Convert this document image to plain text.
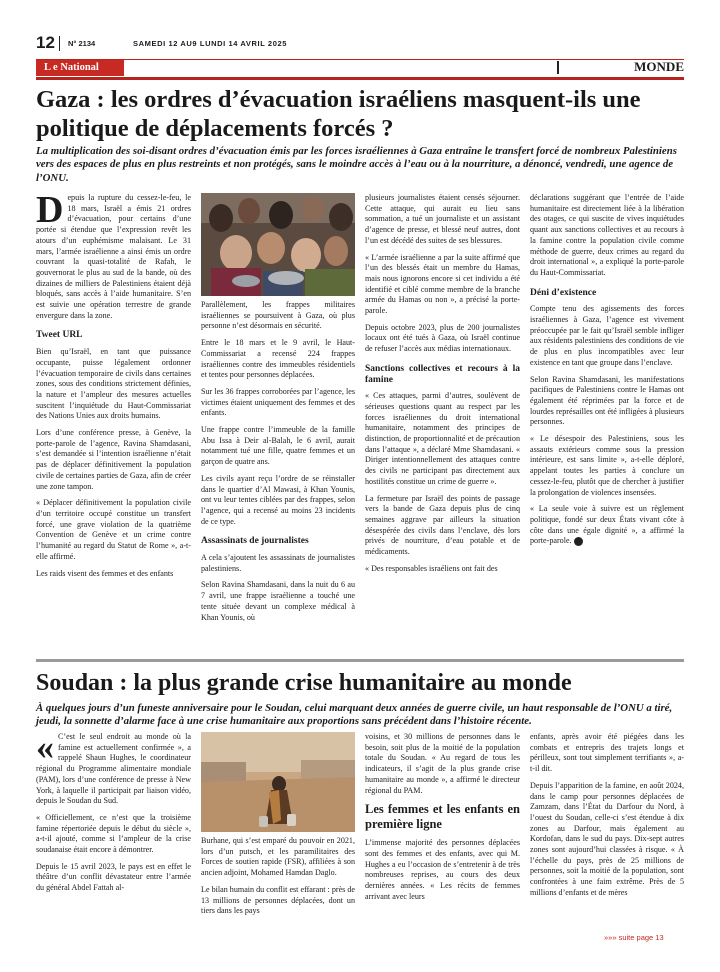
12 N° 2134	SAMEDI 12 AU9 LUNDI 14 AVRIL 2025
L e National	MONDE
Gaza : les ordres d’évacuation israéliens masquent-ils une politique de déplacements forcés ?
La multiplication des soi-disant ordres d’évacuation émis par les forces israéliennes à Gaza entraîne le transfert forcé de nombreux Palestiniens vers des espaces de plus en plus restreints et non protégés, sans le moindre accès à l’eau ou à la nourriture, a dénoncé, vendredi, une agence de l’ONU.
D epuis la rupture du cessez-le-feu, le 18 mars, Israël a émis 21 ordres d’évacuation, pour certains d’une portée si étendue que l’expression revêt les atours d’un euphémisme malaisant. Le 31 mars, l’armée israélienne a ainsi émis un ordre couvrant la quasi-totalité de Rafah, le gouvernorat le plus au sud de la bande, où des dizaines de milliers de Palestiniens étaient déjà bloqués, sans accès à l’aide humanitaire. S’en est suivie une opération terrestre de grande envergure dans la zone.

Tweet URL

Bien qu’Israël, en tant que puissance occupante, puisse légalement ordonner l’évacuation temporaire de civils dans certaines zones, sous des conditions strictement définies, la nature et l’ampleur des mesures actuelles suscitent l’inquiétude du Haut-Commissariat des Nations Unies aux droits humains.

Lors d’une conférence presse, à Genève, la porte-parole de l’agence, Ravina Shamdasani, s’est demandée si l’intention israélienne n’était pas de déplacer définitivement la population civile de certaines parties de Gaza, afin de créer une zone tampon.

« Déplacer définitivement la population civile d’un territoire occupé constitue un transfert forcé, une grave violation de la quatrième Convention de Genève et un crime contre l’humanité au regard du Statut de Rome », a-t-elle affirmé.

Les raids visent des femmes et des enfants

Parallèlement, les frappes militaires israéliennes se poursuivent à Gaza, où plus personne n’est désormais en sécurité.

Entre le 18 mars et le 9 avril, le Haut-Commissariat a recensé 224 frappes israéliennes contre des immeubles résidentiels et tentes pour personnes déplacées.

Sur les 36 frappes corroborées par l’agence, les victimes étaient uniquement des femmes et des enfants.

Une frappe contre l’immeuble de la famille Abu Issa à Deir al-Balah, le 6 avril, aurait notamment tué une fille, quatre femmes et un garçon de quatre ans.

Les civils ayant reçu l’ordre de se réinstaller dans le quartier d’Al Mawasi, à Khan Younis, ont vu leur tentes ciblées par des frappes, selon l’agence, qui a recensé au moins 23 incidents de ce type.

Assassinats de journalistes

A cela s’ajoutent les assassinats de journalistes palestiniens.

Selon Ravina Shamdasani, dans la nuit du 6 au 7 avril, une frappe israélienne a touché une tente située devant un complexe médical à Khan Younis, où

plusieurs journalistes étaient censés séjourner. Cette attaque, qui aurait eu lieu sans sommation, a tué un journaliste et un assistant d’agence de presse, et blessé neuf autres, dont l’un est décédé des suites de ses blessures.

« L’armée israélienne a par la suite affirmé que l’un des blessés était un membre du Hamas, mais nous ignorons encore si cet individu a été identifié et ciblé comme membre de la branche armée du Hamas ou non », a précisé la porte-parole.

Depuis octobre 2023, plus de 200 journalistes locaux ont été tués à Gaza, où Israël continue de refuser l’accès aux médias internationaux.

Sanctions collectives et recours à la famine

« Ces attaques, parmi d’autres, soulèvent de sérieuses questions quant au respect par les forces israéliennes du droit international humanitaire, notamment des principes de distinction, de proportionnalité et de précaution dans l’attaque », a déclaré Mme Shamdasani. « Diriger intentionnellement des attaques contre des civils ne participant pas directement aux hostilités constitue un crime de guerre ».

La fermeture par Israël des points de passage vers la bande de Gaza depuis plus de cinq semaines aggrave par ailleurs la situation désespérée des civils dans l’enclave, dès lors privés de nourriture, d’eau potable et de médicaments.

« Des responsables israéliens ont fait des

déclarations suggérant que l’entrée de l’aide humanitaire est directement liée à la libération des otages, ce qui suscite de vives inquiétudes quant aux sanctions collectives et au recours à la famine contre la population civile comme méthode de guerre, deux crimes au regard du droit international », a expliqué la porte-parole du Haut-Commissariat.

Déni d’existence

Compte tenu des agissements des forces israéliennes à Gaza, l’agence est vivement préoccupée par le fait qu’Israël semble infliger aux résidents palestiniens des conditions de vie de plus en plus incompatibles avec leur existence en tant que groupe dans l’enclave.

Selon Ravina Shamdasani, les manifestations pacifiques de Palestiniens contre le Hamas ont également été réprimées par la force et de lourdes représailles ont été infligées à plusieurs personnes.

« Le désespoir des Palestiniens, sous les assauts extérieurs comme sous la pression intérieure, est sans limite », a-t-elle déploré, appelant toutes les parties à conclure un cessez-le-feu, plutôt que de chercher à justifier la prolongation de violences insensées.

« La seule voie à suivre est un règlement politique, fondé sur deux États vivant côte à côte dans une égale dignité », a affirmé la porte-parole.

Soudan : la plus grande crise humanitaire au monde
À quelques jours d’un funeste anniversaire pour le Soudan, celui marquant deux années de guerre civile, un haut responsable de l’ONU a tiré, jeudi, la sonnette d’alarme face à une crise humanitaire aux proportions sans précédent dans l’histoire récente.
« C’est le seul endroit au monde où la famine est actuellement confirmée », a rappelé Shaun Hughes, le coordinateur régional du Programme alimentaire mondiale (PAM), lors d’une conférence de presse à New York, à laquelle il participait par liaison vidéo, depuis le Soudan du Sud.

« Officiellement, ce n’est que la troisième famine répertoriée depuis le début du siècle », a-t-il ajouté, comme si l’ampleur de la crise soudanaise était encore à démontrer.

Depuis le 15 avril 2023, le pays est en effet le théâtre d’un conflit dévastateur entre l’armée du général Abdel Fattah al-

Burhane, qui s’est emparé du pouvoir en 2021, lors d’un putsch, et les paramilitaires des Forces de soutien rapide (FSR), affiliées à son ancien adjoint, Mohamed Hamdan Daglo.

Le bilan humain du conflit est effarant : près de 13 millions de personnes déplacées, dont un tiers dans les pays

voisins, et 30 millions de personnes dans le besoin, soit plus de la moitié de la population totale du Soudan. « Au regard de tous les indicateurs, il s’agit de la plus grande crise humanitaire au monde », a affirmé le directeur régional du PAM.

Les femmes et les enfants en première ligne

L’immense majorité des personnes déplacées sont des femmes et des enfants, avec qui M. Hughes a eu l’occasion de s’entretenir à de très nombreuses reprises, au cours des deux dernières années. « Les récits de femmes arrivant avec leurs

enfants, après avoir été piégées dans les combats et entrepris des trajets longs et périlleux, sont tout simplement terrifiants », a-t-il dit.

Depuis l’apparition de la famine, en août 2024, dans le camp pour personnes déplacées de Zamzam, dans l’État du Darfour du Nord, à l’ouest du Soudan, celle-ci s’est étendue à dix zones au Darfour, mais également au Kordofan, dans le sud du pays. Dix-sept autres zones sont aujourd’hui classées à risque. « À l’échelle du pays, près de 25 millions de personnes, soit la moitié de la population, sont confrontées à une faim extrême. Près de 5 millions d’enfants et de mères

»»» suite page 13
